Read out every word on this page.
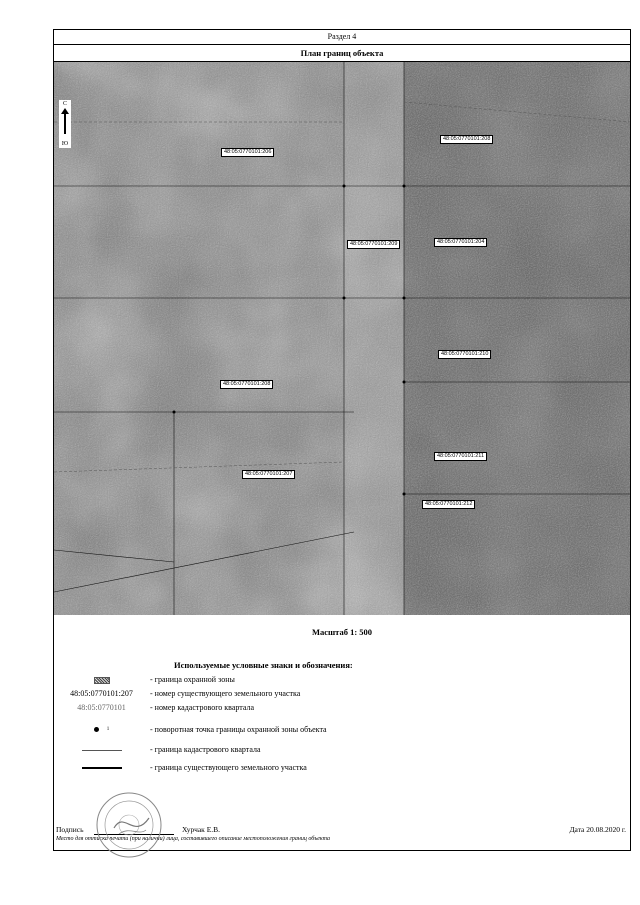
Раздел 4
План границ объекта
С
Ю
48:05:0770101:206
48:05:0770101:208
48:05:0770101:209	48:05:0770101:204
48:05:0770101:210
48:05:0770101:208
48:05:0770101:207
48:05:0770101:211
48:05:0770101:212
Масштаб 1: 500
Используемые условные знаки и обозначения:
- граница охранной зоны
48:05:0770101:207	- номер существующего земельного участка
48:05:0770101	- номер кадастрового квартала
$^1$	- поворотная точка границы охранной зоны объекта
- граница кадастрового квартала
- граница существующего земельного участка
Подпись	Хурчак Е.В.	Дата 20.08.2020 г.
Место для оттиска печати (при наличии) лица, составившего описание местоположения границ объекта
